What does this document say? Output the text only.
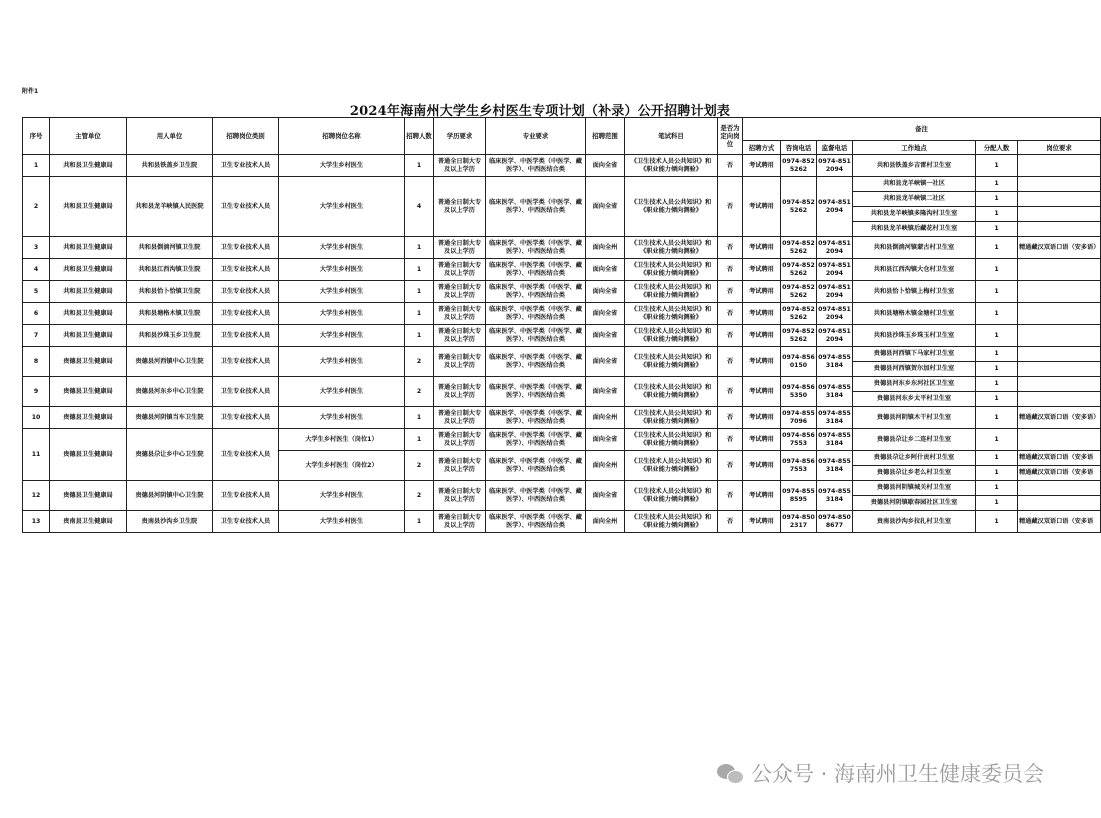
附件1
2024年海南州大学生乡村医生专项计划（补录）公开招聘计划表
序号	主管单位	用人单位	招聘岗位类别	招聘岗位名称	招聘人数	学历要求	专业要求	招聘范围	笔试科目	是否为定向岗位	备注					
											招聘方式	咨询电话	监督电话	工作地点	分配人数	岗位要求
1	共和县卫生健康局	共和县铁盖乡卫生院	卫生专业技术人员	大学生乡村医生	1	普通全日制大专及以上学历	临床医学、中医学类（中医学、藏医学）、中西医结合类	面向全省	《卫生技术人员公共知识》和《职业能力倾向测验》	否	考试聘用	0974-8525262	0974-8512094	共和县铁盖乡吉雷村卫生室	1	
2	共和县卫生健康局	共和县龙羊峡镇人民医院	卫生专业技术人员	大学生乡村医生	4	普通全日制大专及以上学历	临床医学、中医学类（中医学、藏医学）、中西医结合类	面向全省	《卫生技术人员公共知识》和《职业能力倾向测验》	否	考试聘用	0974-8525262	0974-8512094	共和县龙羊峡镇一社区	1	
														共和县龙羊峡镇二社区	1	
														共和县龙羊峡镇多隆沟村卫生室	1	
														共和县龙羊峡镇后藏花村卫生室	1	
3	共和县卫生健康局	共和县倒淌河镇卫生院	卫生专业技术人员	大学生乡村医生	1	普通全日制大专及以上学历	临床医学、中医学类（中医学、藏医学）、中西医结合类	面向全州	《卫生技术人员公共知识》和《职业能力倾向测验》	否	考试聘用	0974-8525262	0974-8512094	共和县倒淌河镇蒙古村卫生室	1	精通藏汉双语口语（安多语）
4	共和县卫生健康局	共和县江西沟镇卫生院	卫生专业技术人员	大学生乡村医生	1	普通全日制大专及以上学历	临床医学、中医学类（中医学、藏医学）、中西医结合类	面向全省	《卫生技术人员公共知识》和《职业能力倾向测验》	否	考试聘用	0974-8525262	0974-8512094	共和县江西沟镇大仓村卫生室	1	
5	共和县卫生健康局	共和县恰卜恰镇卫生院	卫生专业技术人员	大学生乡村医生	1	普通全日制大专及以上学历	临床医学、中医学类（中医学、藏医学）、中西医结合类	面向全省	《卫生技术人员公共知识》和《职业能力倾向测验》	否	考试聘用	0974-8525262	0974-8512094	共和县恰卜恰镇上梅村卫生室	1	
6	共和县卫生健康局	共和县塘格木镇卫生院	卫生专业技术人员	大学生乡村医生	1	普通全日制大专及以上学历	临床医学、中医学类（中医学、藏医学）、中西医结合类	面向全省	《卫生技术人员公共知识》和《职业能力倾向测验》	否	考试聘用	0974-8525262	0974-8512094	共和县塘格木镇金塘村卫生室	1	
7	共和县卫生健康局	共和县沙珠玉乡卫生院	卫生专业技术人员	大学生乡村医生	1	普通全日制大专及以上学历	临床医学、中医学类（中医学、藏医学）、中西医结合类	面向全省	《卫生技术人员公共知识》和《职业能力倾向测验》	否	考试聘用	0974-8525262	0974-8512094	共和县沙珠玉乡珠玉村卫生室	1	
8	贵德县卫生健康局	贵德县河西镇中心卫生院	卫生专业技术人员	大学生乡村医生	2	普通全日制大专及以上学历	临床医学、中医学类（中医学、藏医学）、中西医结合类	面向全省	《卫生技术人员公共知识》和《职业能力倾向测验》	否	考试聘用	0974-8560150	0974-8553184	贵德县河西镇下马家村卫生室	1	
														贵德县河西镇贺尔加村卫生室	1	
9	贵德县卫生健康局	贵德县河东乡中心卫生院	卫生专业技术人员	大学生乡村医生	2	普通全日制大专及以上学历	临床医学、中医学类（中医学、藏医学）、中西医结合类	面向全省	《卫生技术人员公共知识》和《职业能力倾向测验》	否	考试聘用	0974-8565350	0974-8553184	贵德县河东乡东河社区卫生室	1	
														贵德县河东乡太平村卫生室	1	
10	贵德县卫生健康局	贵德县河阴镇当车卫生院	卫生专业技术人员	大学生乡村医生	1	普通全日制大专及以上学历	临床医学、中医学类（中医学、藏医学）、中西医结合类	面向全州	《卫生技术人员公共知识》和《职业能力倾向测验》	否	考试聘用	0974-8557096	0974-8553184	贵德县河阴镇木干村卫生室	1	精通藏汉双语口语（安多语）
11	贵德县卫生健康局	贵德县尕让乡中心卫生院	卫生专业技术人员	大学生乡村医生（岗位1）	1	普通全日制大专及以上学历	临床医学、中医学类（中医学、藏医学）、中西医结合类	面向全省	《卫生技术人员公共知识》和《职业能力倾向测验》	否	考试聘用	0974-8567553	0974-8553184	贵德县尕让乡二连村卫生室	1	
				大学生乡村医生（岗位2）	2	普通全日制大专及以上学历	临床医学、中医学类（中医学、藏医学）、中西医结合类	面向全州	《卫生技术人员公共知识》和《职业能力倾向测验》	否	考试聘用	0974-8567553	0974-8553184	贵德县尕让乡阿什贡村卫生室	1	精通藏汉双语口语（安多语
														贵德县尕让乡老么村卫生室	1	精通藏汉双语口语（安多语
12	贵德县卫生健康局	贵德县河阴镇中心卫生院	卫生专业技术人员	大学生乡村医生	2	普通全日制大专及以上学历	临床医学、中医学类（中医学、藏医学）、中西医结合类	面向全省	《卫生技术人员公共知识》和《职业能力倾向测验》	否	考试聘用	0974-8558595	0974-8553184	贵德县河阴镇城关村卫生室	1	
														贵德县河阴镇歇春园社区卫生室	1	
13	贵南县卫生健康局	贵南县沙沟乡卫生院	卫生专业技术人员	大学生乡村医生	1	普通全日制大专及以上学历	临床医学、中医学类（中医学、藏医学）、中西医结合类	面向全州	《卫生技术人员公共知识》和《职业能力倾向测验》	否	考试聘用	0974-8502317	0974-8508677	贵南县沙沟乡拉扎村卫生室	1	精通藏汉双语口语（安多语
公众号 · 海南州卫生健康委员会
